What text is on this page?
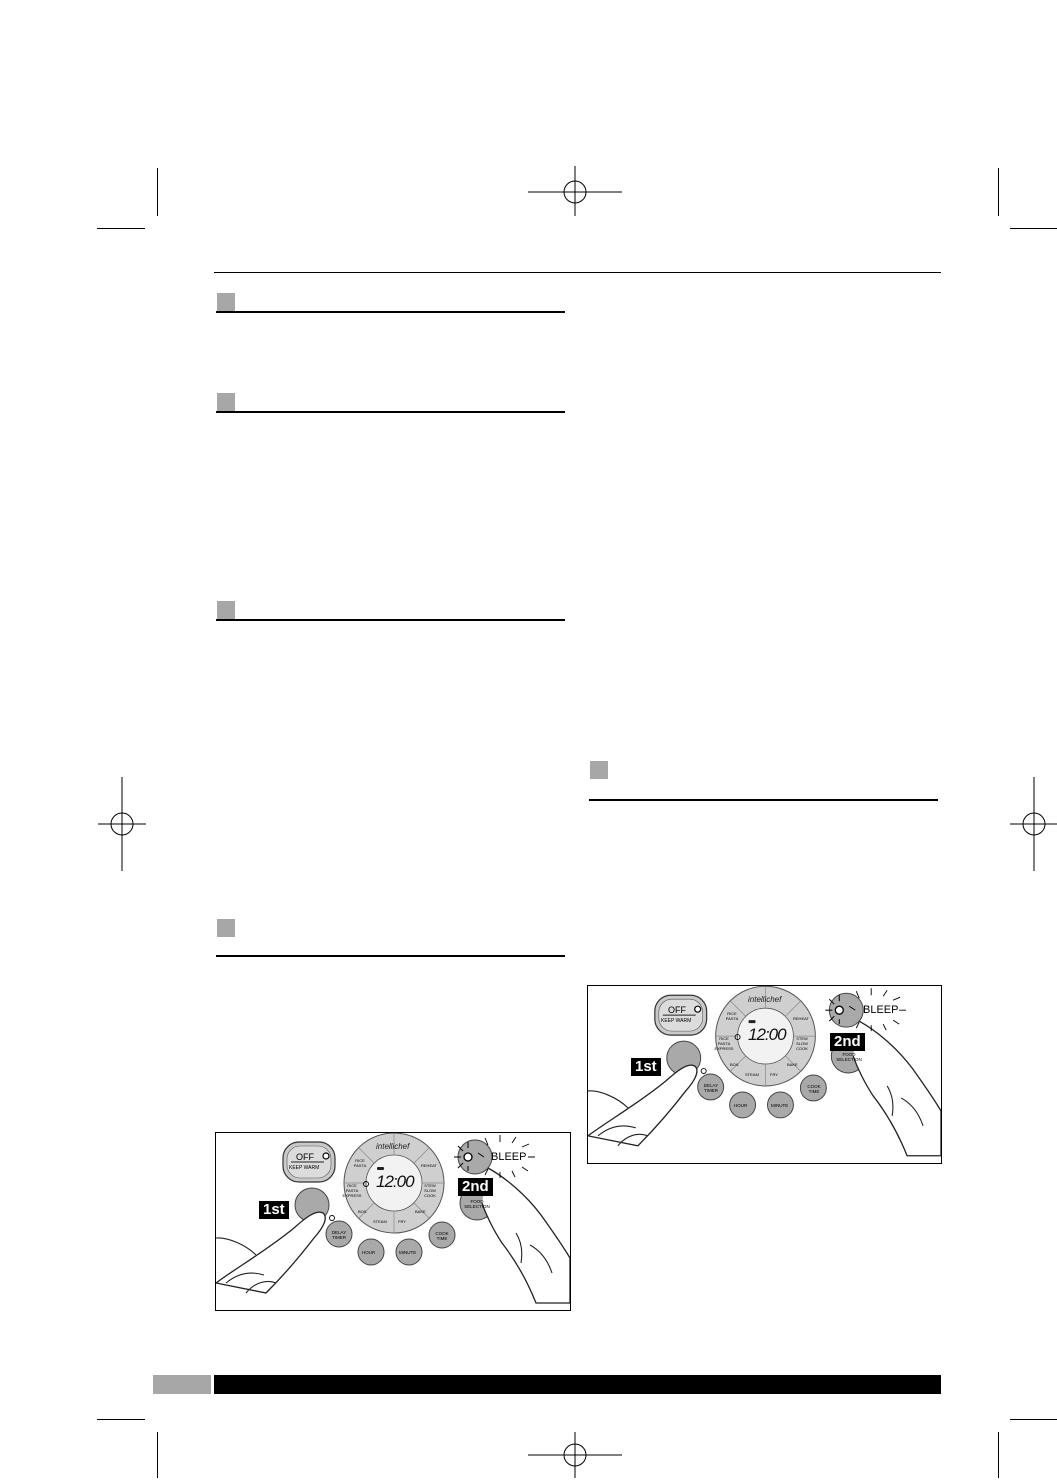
OFF
KEEP WARM
intellichef
12:00
RICE
PASTA	REHEAT
STEW
SLOW
COOK
BAKE
FRY
STEAM
BOIL
RICE
PASTA
EXPRESS
FOOD
SELECTION
DELAY
TIMER
HOUR	MINUTE
COOK
TIME
1st
2nd
BLEEP
OFF
KEEP WARM
intellichef
12:00
RICE
PASTA	REHEAT
STEW
SLOW
COOK
BAKE
FRY
STEAM
BOIL
RICE
PASTA
EXPRESS
FOOD
SELECTION
DELAY
TIMER
HOUR	MINUTE
COOK
TIME
1st
2nd
BLEEP
